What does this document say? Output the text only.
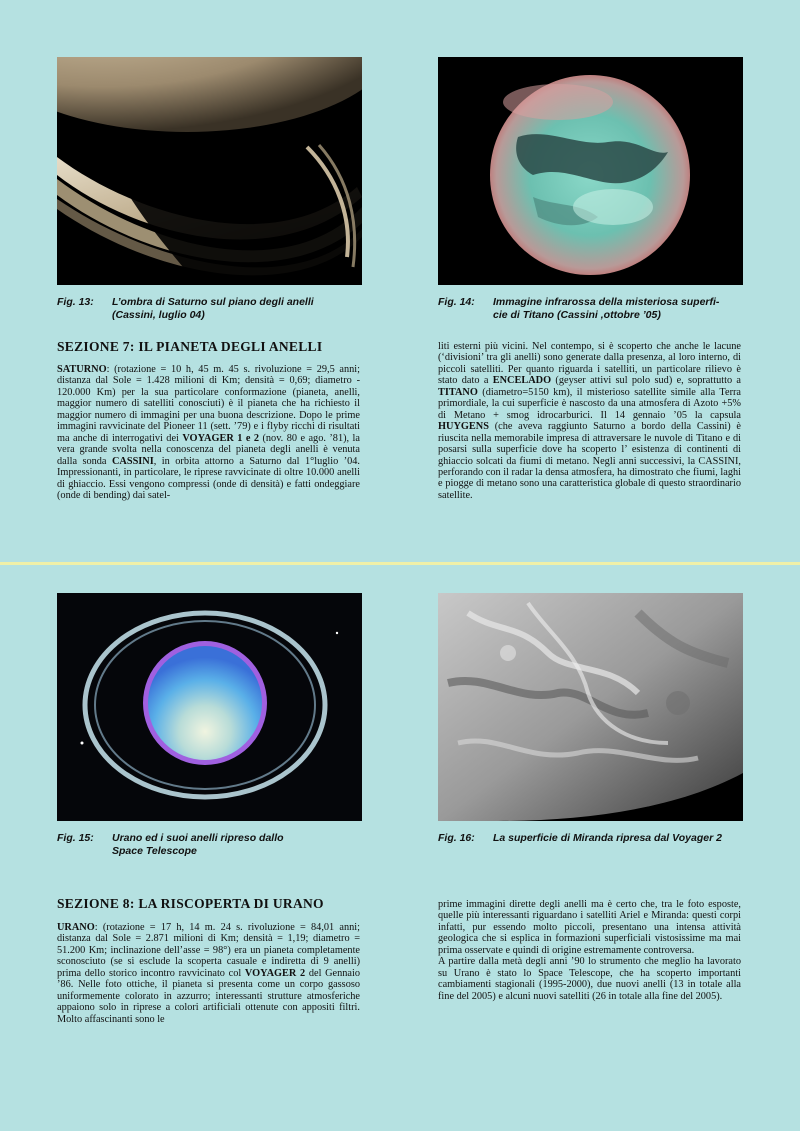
Fig. 13: L’ombra di Saturno sul piano degli anelli
(Cassini, luglio 04)
Fig. 14: Immagine infrarossa della misteriosa superfi-
cie di Titano (Cassini ,ottobre ’05)
SEZIONE 7: IL PIANETA DEGLI ANELLI

SATURNO: (rotazione = 10 h, 45 m. 45 s. rivoluzione = 29,5 anni; distanza dal Sole = 1.428 milioni di Km; densità = 0,69; diametro - 120.000 Km) per la sua particolare conformazione (pianeta, anelli, maggior numero di satelliti conosciuti) è il pianeta che ha richiesto il maggior numero di immagini per una buona descrizione. Dopo le prime immagini ravvicinate del Pioneer 11 (sett. ’79) e i flyby ricchi di risultati ma anche di interrogativi dei VOYAGER 1 e 2 (nov. 80 e ago. ’81), la vera grande svolta nella conoscenza del pianeta degli anelli è venuta dalla sonda CASSINI, in orbita attorno a Saturno dal 1°luglio ’04. Impressionanti, in particolare, le riprese ravvicinate di oltre 10.000 anelli di ghiaccio. Essi vengono compressi (onde di densità) e fatti ondeggiare (onde di bending) dai satel-

liti esterni più vicini. Nel contempo, si è scoperto che anche le lacune (‘divisioni’ tra gli anelli) sono generate dalla presenza, al loro interno, di piccoli satelliti. Per quanto riguarda i satelliti, un particolare rilievo è stato dato a ENCELADO (geyser attivi sul polo sud) e, soprattutto a TITANO (diametro=5150 km), il misterioso satellite simile alla Terra primordiale, la cui superficie è nascosto da una atmosfera di Azoto +5% di Metano + smog idrocarburici. Il 14 gennaio ’05 la capsula HUYGENS (che aveva raggiunto Saturno a bordo della Cassini) è riuscita nella memorabile impresa di attraversare le nuvole di Titano e di posarsi sulla superficie dove ha scoperto l’ esistenza di continenti di ghiaccio solcati da fiumi di metano. Negli anni successivi, la CASSINI, perforando con il radar la densa atmosfera, ha dimostrato che fiumi, laghi e piogge di metano sono una caratteristica globale di questo straordinario satellite.

Fig. 15: Urano ed i suoi anelli ripreso dallo
Space Telescope
Fig. 16: La superficie di Miranda ripresa dal Voyager 2
SEZIONE 8: LA RISCOPERTA DI URANO

URANO: (rotazione = 17 h, 14 m. 24 s. rivoluzione = 84,01 anni; distanza dal Sole = 2.871 milioni di Km; densità = 1,19; diametro = 51.200 Km; inclinazione dell’asse = 98°) era un pianeta completamente sconosciuto (se si esclude la scoperta casuale e indiretta di 9 anelli) prima dello storico incontro ravvicinato col VOYAGER 2 del Gennaio ’86. Nelle foto ottiche, il pianeta si presenta come un corpo gassoso uniformemente colorato in azzurro; interessanti strutture atmosferiche appaiono solo in riprese a colori artificiali ottenute con appositi filtri. Molto affascinanti sono le

prime immagini dirette degli anelli ma è certo che, tra le foto esposte, quelle più interessanti riguardano i satelliti Ariel e Miranda: questi corpi infatti, pur essendo molto piccoli, presentano una intensa attività geologica che si esplica in formazioni superficiali vistosissime ma mai prima osservate e quindi di origine estremamente controversa.
A partire dalla metà degli anni ’90 lo strumento che meglio ha lavorato su Urano è stato lo Space Telescope, che ha scoperto importanti cambiamenti stagionali (1995-2000), due nuovi anelli (13 in totale alla fine del 2005) e alcuni nuovi satelliti (26 in totale alla fine del 2005).
